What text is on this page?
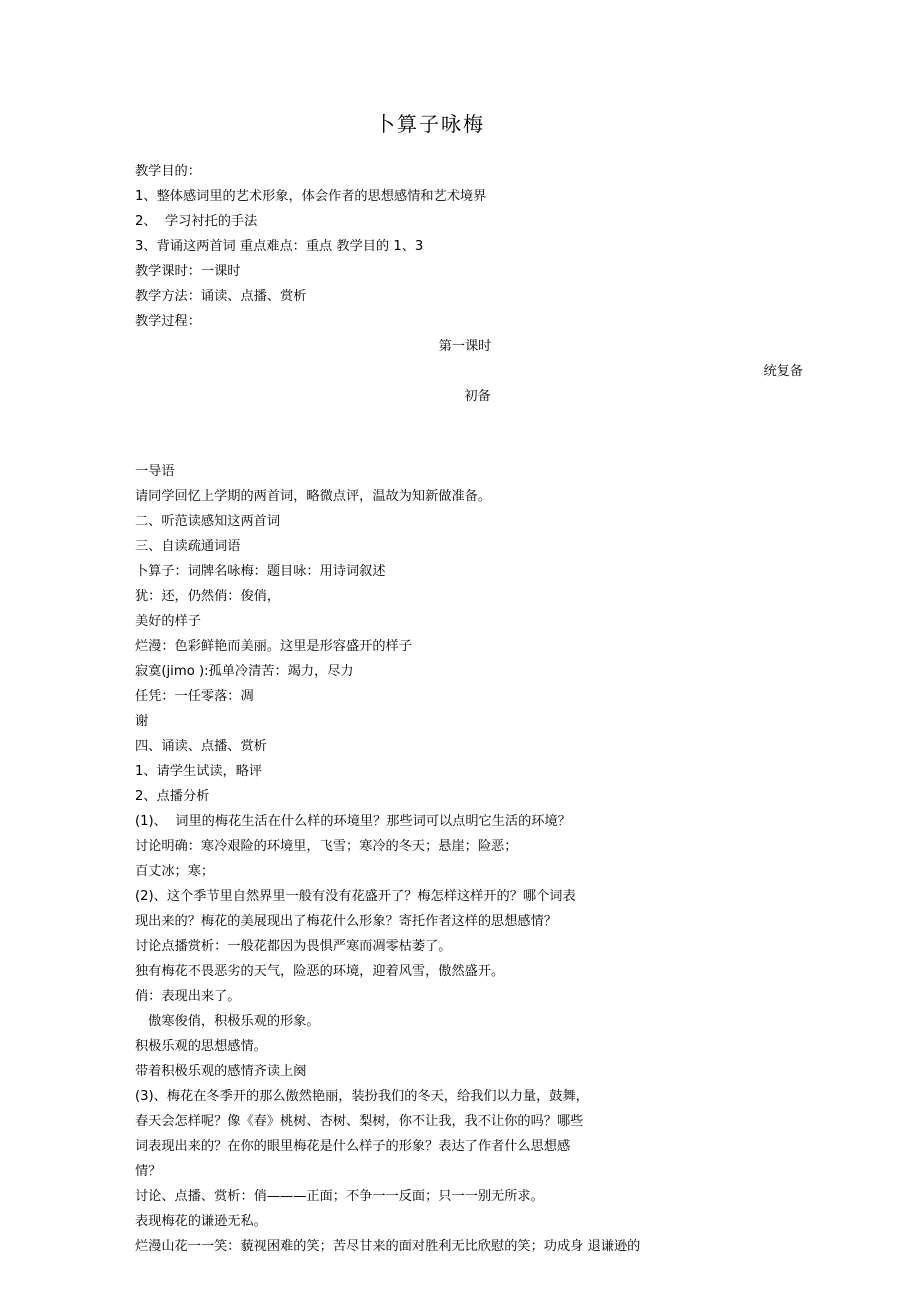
卜算子咏梅
教学目的：
1、整体感词里的艺术形象，体会作者的思想感情和艺术境界
2、  学习衬托的手法
3、背诵这两首词 重点难点：重点 教学目的 1、3
教学课时：一课时
教学方法：诵读、点播、赏析
教学过程：
第一课时

初备

统复备

一导语
请同学回忆上学期的两首词，略微点评，温故为知新做准备。
二、听范读感知这两首词
三、自读疏通词语
卜算子：词牌名咏梅：题目咏：用诗词叙述
犹：还，仍然俏：俊俏，
美好的样子
烂漫：色彩鲜艳而美丽。这里是形容盛开的样子
寂寞(jimo ):孤单冷清苦：竭力，尽力
任凭：一任零落：凋
谢
四、诵读、点播、赏析
1、请学生试读，略评
2、点播分析
(1)、  词里的梅花生活在什么样的环境里？那些词可以点明它生活的环境？
讨论明确：寒冷艰险的环境里，飞雪；寒冷的冬天；悬崖；险恶；
百丈冰；寒；
(2)、这个季节里自然界里一般有没有花盛开了？梅怎样这样开的？哪个词表
现出来的？梅花的美展现出了梅花什么形象？寄托作者这样的思想感情？
讨论点播赏析：一般花都因为畏惧严寒而凋零枯萎了。
独有梅花不畏恶劣的天气，险恶的环境，迎着风雪，傲然盛开。
俏：表现出来了。
　傲寒俊俏，积极乐观的形象。
积极乐观的思想感情。
带着积极乐观的感情齐读上阕
(3)、梅花在冬季开的那么傲然艳丽，装扮我们的冬天，给我们以力量，鼓舞，
春天会怎样呢？像《春》桃树、杏树、梨树，你不让我，我不让你的吗？哪些
词表现出来的？在你的眼里梅花是什么样子的形象？表达了作者什么思想感
情？
讨论、点播、赏析：俏———正面；不争一一反面；只一一别无所求。
表现梅花的谦逊无私。
烂漫山花一一笑：藐视困难的笑；苦尽甘来的面对胜利无比欣慰的笑；功成身 退谦逊的
